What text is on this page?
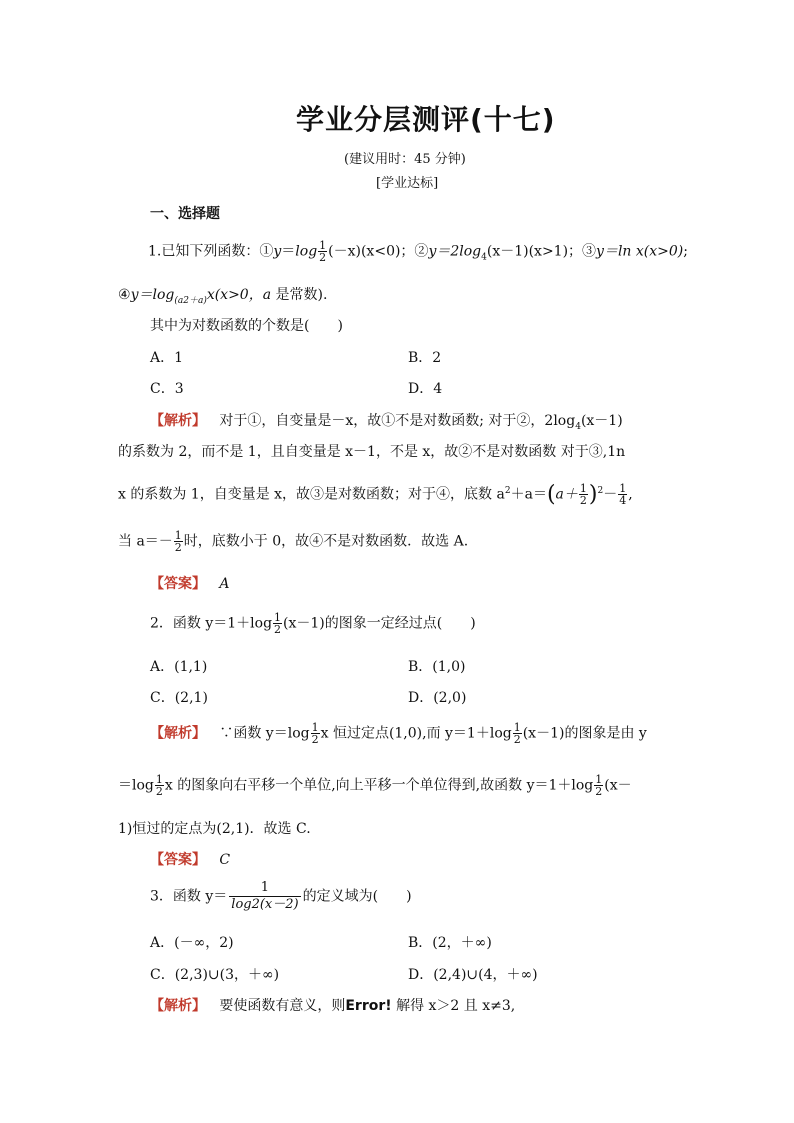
学业分层测评(十七)
(建议用时：45 分钟)
[学业达标]
一、选择题
1.已知下列函数：①y＝log $\frac{1}{2} (-x)(x<0)$；$②y=2\log_4(x-1)(x>1)$；③y＝ln x(x>0);
$④y=\log_{(a2+a)}x(x>0$，a 是常数).
其中为对数函数的个数是(　　)
A．1	B．2
C．3	D．4
【解析】 对于①，自变量是－x，故①不是对数函数; 对于②，$2\log_4(x-1)$
的系数为 2，而不是 1，且自变量是 x－1，不是 x，故②不是对数函数 对于③,1n
x 的系数为 1，自变量是 x，故③是对数函数；对于④，底数 $a^2+a=(a+ \frac{1}{2} )^2- \frac{1}{4}$ ,
当 $a=- \frac{1}{2}$ 时，底数小于 0，故④不是对数函数．故选 A.
【答案】 A
2．函数 $y=1+\log \frac{1}{2} (x-1)$的图象一定经过点(　　)
A．(1,1)	B．(1,0)
C．(2,1)	D．(2,0)
【解析】 ∵函数 $y=\log \frac{1}{2}$ x 恒过定点(1,0),而 $y=1+\log \frac{1}{2} (x-1)$的图象是由 y
$=\log \frac{1}{2}$ x 的图象向右平移一个单位,向上平移一个单位得到,故函数 $y=1+\log \frac{1}{2} (x-$
1)恒过的定点为(2,1)．故选 C.
【答案】 C
3．函数 $y= \frac{1}{\log 2(x-2)}$ 的定义域为(　　)
A．(－∞，2)	B．(2，＋∞)
C．(2,3)∪(3，＋∞)	D．(2,4)∪(4，＋∞)
【解析】 要使函数有意义，则Error! 解得 x＞2 且 x≠3,
